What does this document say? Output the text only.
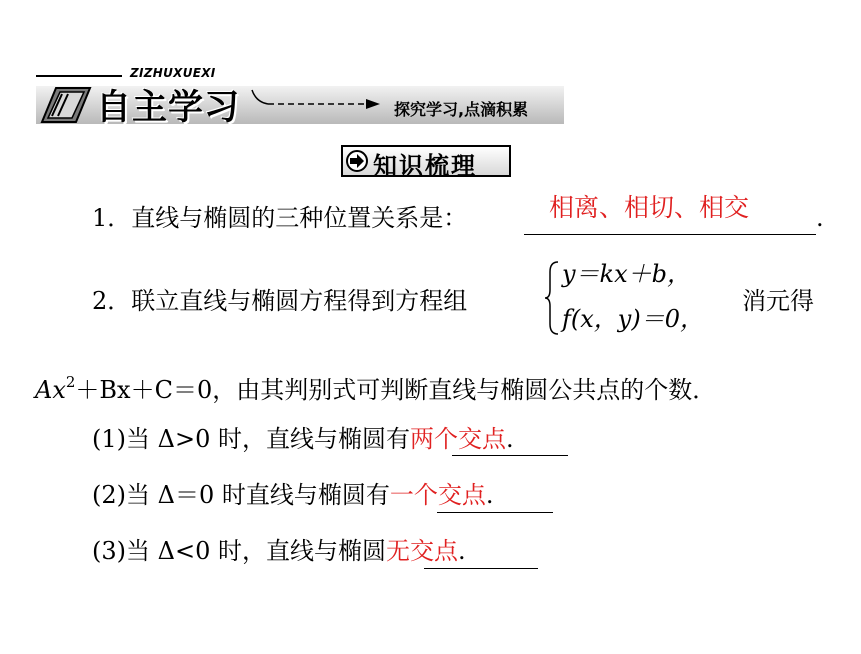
ZIZHUXUEXI
自主学习	探究学习,点滴积累
知识梳理
1．直线与椭圆的三种位置关系是：	相离、相切、相交	.
2．联立直线与椭圆方程得到方程组
y＝kx＋b，
f(x，y)＝0，
消元得
$Ax^2+Bx+C=0$，由其判别式可判断直线与椭圆公共点的个数．
(1)当 Δ>0 时，直线与椭圆有两个交点.
(2)当 Δ＝0 时直线与椭圆有一个交点.
(3)当 Δ<0 时，直线与椭圆无交点.
